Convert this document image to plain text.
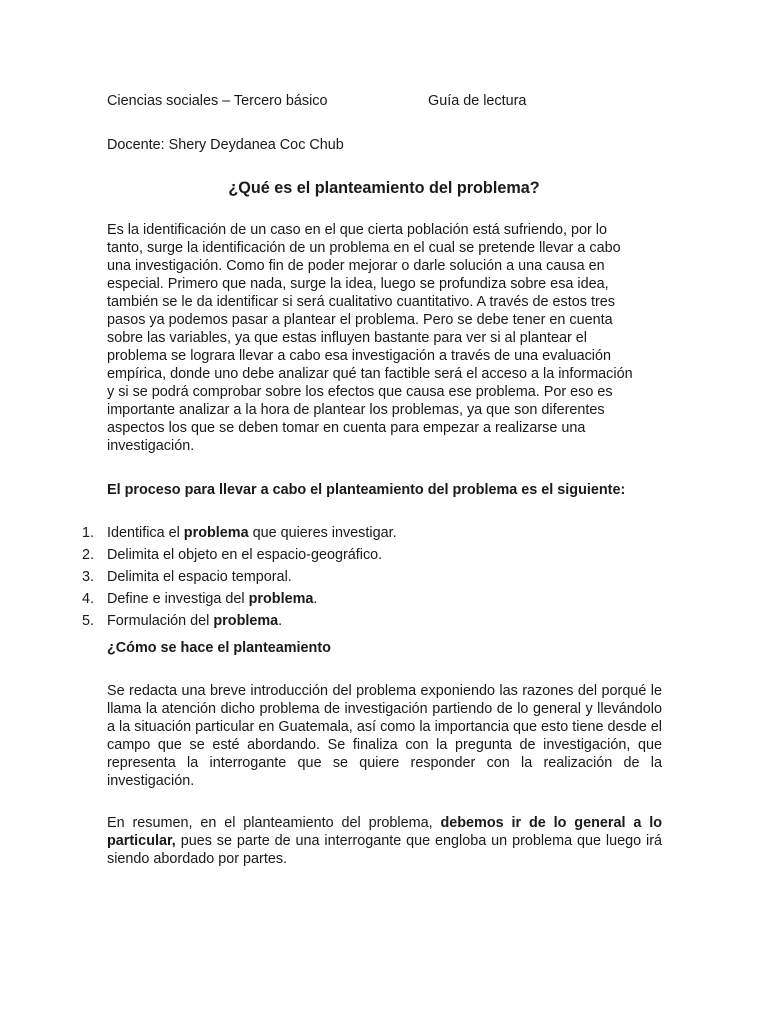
Ciencias sociales – Tercero básico	Guía de lectura
Docente: Shery Deydanea Coc Chub
¿Qué es el planteamiento del problema?

Es la identificación de un caso en el que cierta población está sufriendo, por lo tanto, surge la identificación de un problema en el cual se pretende llevar a cabo una investigación. Como fin de poder mejorar o darle solución a una causa en especial. Primero que nada, surge la idea, luego se profundiza sobre esa idea, también se le da identificar si será cualitativo cuantitativo. A través de estos tres pasos ya podemos pasar a plantear el problema. Pero se debe tener en cuenta sobre las variables, ya que estas influyen bastante para ver si al plantear el problema se lograra llevar a cabo esa investigación a través de una evaluación empírica, donde uno debe analizar qué tan factible será el acceso a la información y si se podrá comprobar sobre los efectos que causa ese problema. Por eso es importante analizar a la hora de plantear los problemas, ya que son diferentes aspectos los que se deben tomar en cuenta para empezar a realizarse una investigación.

El proceso para llevar a cabo el planteamiento del problema es el siguiente:
1. Identifica el problema que quieres investigar.
2. Delimita el objeto en el espacio-geográfico.
3. Delimita el espacio temporal.
4. Define e investiga del problema.
5. Formulación del problema.
¿Cómo se hace el planteamiento

Se redacta una breve introducción del problema exponiendo las razones del porqué le llama la atención dicho problema de investigación partiendo de lo general y llevándolo a la situación particular en Guatemala, así como la importancia que esto tiene desde el campo que se esté abordando. Se finaliza con la pregunta de investigación, que representa la interrogante que se quiere responder con la realización de la investigación.

En resumen, en el planteamiento del problema, debemos ir de lo general a lo particular, pues se parte de una interrogante que engloba un problema que luego irá siendo abordado por partes.
